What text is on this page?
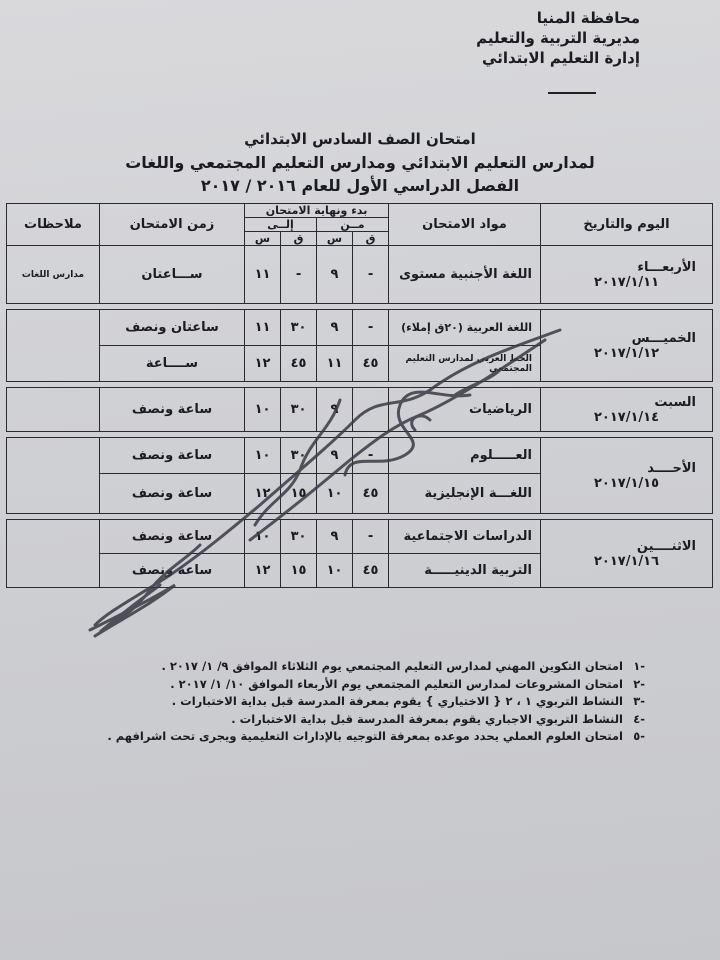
محافظة المنيا
مديرية التربية والتعليم
إدارة التعليم الابتدائي
امتحان الصف السادس الابتدائي
لمدارس التعليم الابتدائي ومدارس التعليم المجتمعي واللغات
الفصل الدراسي الأول للعام ٢٠١٦ / ٢٠١٧
اليوم والتاريخ	مواد الامتحان	بدء ونهاية الامتحان				زمن الامتحان	ملاحظات
		مــن		إلــى			
		ق	س	ق	س		

الأربعـــاء
٢٠١٧/١/١١	اللغة الأجنبية مستوى	-	٩	-	١١	ســـاعتان	مدارس اللغات

الخميـــس
٢٠١٧/١/١٢	اللغة العربية (٢٠ق إملاء)	-	٩	٣٠	١١	ساعتان ونصف	
	الخط العربي لمدارس التعليم المجتمعي	٤٥	١١	٤٥	١٢	ســــاعة	

السبت
٢٠١٧/١/١٤	الرياضيات		٩	٣٠	١٠	ساعة ونصف	

الأحــــد
٢٠١٧/١/١٥	العـــــلوم	-	٩	٣٠	١٠	ساعة ونصف	
	اللغـــة الإنجليزية	٤٥	١٠	١٥	١٢	ساعة ونصف	

الاثنــــين
٢٠١٧/١/١٦	الدراسات الاجتماعية	-	٩	٣٠	١٠	ساعة ونصف	
	التربية الدينيـــــة	٤٥	١٠	١٥	١٢	ساعة ونصف	
-١امتحان التكوين المهني لمدارس التعليم المجتمعي يوم الثلاثاء الموافق ٩/ ١/ ٢٠١٧ .
-٢امتحان المشروعات لمدارس التعليم المجتمعي يوم الأربعاء الموافق ١٠/ ١/ ٢٠١٧ .
-٣النشاط التربوي ١ ، ٢ { الاختياري } يقوم بمعرفة المدرسة قبل بداية الاختبارات .
-٤النشاط التربوي الاجباري يقوم بمعرفة المدرسة قبل بداية الاختبارات .
-٥امتحان العلوم العملي يحدد موعده بمعرفة التوجيه بالإدارات التعليمية ويجرى تحت اشرافهم .
